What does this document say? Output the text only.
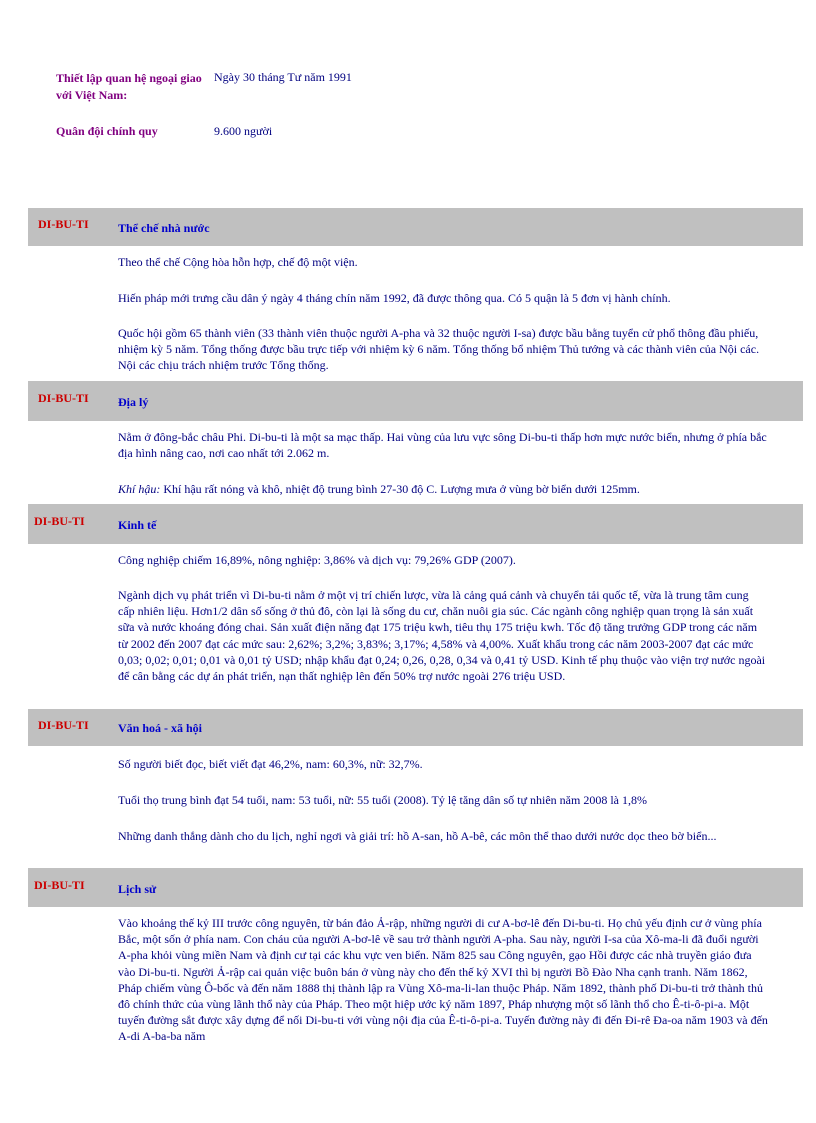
Thiết lập quan hệ ngoại giao với Việt Nam:
Ngày 30 tháng Tư năm 1991
Quân đội chính quy	9.600 người
DI-BU-TI Thể chế nhà nước
Theo thể chế Cộng hòa hỗn hợp, chế độ một viện.
Hiến pháp mới trưng cầu dân ý ngày 4 tháng chín năm 1992, đã được thông qua. Có 5 quận là 5 đơn vị hành chính.
Quốc hội gồm 65 thành viên (33 thành viên thuộc người A-pha và 32 thuộc người I-sa) được bầu bằng tuyển cử phổ thông đầu phiếu, nhiệm kỳ 5 năm. Tổng thống được bầu trực tiếp với nhiệm kỳ 6 năm. Tổng thống bổ nhiệm Thủ tướng và các thành viên của Nội các. Nội các chịu trách nhiệm trước Tổng thống.
DI-BU-TI Địa lý
Nằm ở đông-bắc châu Phi. Di-bu-ti là một sa mạc thấp. Hai vùng của lưu vực sông Di-bu-ti thấp hơn mực nước biển, nhưng ở phía bắc địa hình nâng cao, nơi cao nhất tới 2.062 m.
Khí hậu: Khí hậu rất nóng và khô, nhiệt độ trung bình 27-30 độ C. Lượng mưa ở vùng bờ biển dưới 125mm.
DI-BU-TI	Kinh tế
Công nghiệp chiếm 16,89%, nông nghiệp: 3,86% và dịch vụ: 79,26% GDP (2007).
Ngành dịch vụ phát triển vì Di-bu-ti nằm ở một vị trí chiến lược, vừa là cảng quá cảnh và chuyển tải quốc tế, vừa là trung tâm cung cấp nhiên liệu. Hơn1/2 dân số sống ở thủ đô, còn lại là sống du cư, chăn nuôi gia súc. Các ngành công nghiệp quan trọng là sản xuất sữa và nước khoáng đóng chai. Sản xuất điện năng đạt 175 triệu kwh, tiêu thụ 175 triệu kwh. Tốc độ tăng trưởng GDP trong các năm từ 2002 đến 2007 đạt các mức sau: 2,62%; 3,2%; 3,83%; 3,17%; 4,58% và 4,00%. Xuất khẩu trong các năm 2003-2007 đạt các mức 0,03; 0,02; 0,01; 0,01 và 0,01 tỷ USD; nhập khẩu đạt 0,24; 0,26, 0,28, 0,34 và 0,41 tỷ USD. Kinh tế phụ thuộc vào viện trợ nước ngoài để cân bằng các dự án phát triển, nạn thất nghiệp lên đến 50% trợ nước ngoài 276 triệu USD.
DI-BU-TI Văn hoá - xã hội
Số người biết đọc, biết viết đạt 46,2%, nam: 60,3%, nữ: 32,7%.
Tuổi thọ trung bình đạt 54 tuổi, nam: 53 tuổi, nữ: 55 tuổi (2008). Tỷ lệ tăng dân số tự nhiên năm 2008 là 1,8%
Những danh thắng dành cho du lịch, nghỉ ngơi và giải trí: hồ A-san, hồ A-bê, các môn thể thao dưới nước dọc theo bờ biển...
DI-BU-TI	Lịch sử
Vào khoảng thế kỷ III trước công nguyên, từ bán đảo Ả-rập, những người di cư A-bơ-lê đến Di-bu-ti. Họ chủ yếu định cư ở vùng phía Bắc, một sốn ở phía nam. Con cháu của người A-bơ-lê về sau trở thành người A-pha. Sau này, người I-sa của Xô-ma-li đã đuổi người A-pha khỏi vùng miền Nam và định cư tại các khu vực ven biển. Năm 825 sau Công nguyên, gạo Hồi được các nhà truyền giáo đưa vào Di-bu-ti. Người Ả-rập cai quản việc buôn bán ở vùng này cho đến thế kỷ XVI thì bị người Bồ Đào Nha cạnh tranh. Năm 1862, Pháp chiếm vùng Ô-bốc và đến năm 1888 thị thành lập ra Vùng Xô-ma-li-lan thuộc Pháp. Năm 1892, thành phố Di-bu-ti trở thành thủ đô chính thức của vùng lãnh thổ này của Pháp. Theo một hiệp ước ký năm 1897, Pháp nhượng một số lãnh thổ cho Ê-ti-ô-pi-a. Một tuyến đường sắt được xây dựng để nối Di-bu-ti với vùng nội địa của Ê-ti-ô-pi-a. Tuyến đường này đi đến Đi-rê Đa-oa năm 1903 và đến A-di A-ba-ba năm
